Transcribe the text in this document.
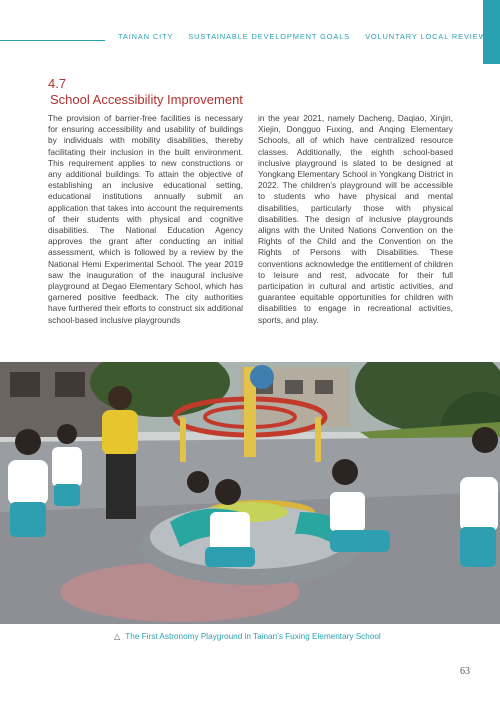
TAINAN CITY SUSTAINABLE DEVELOPMENT GOALS VOLUNTARY LOCAL REVIEW
4.7
School Accessibility Improvement
The provision of barrier-free facilities is necessary for ensuring accessibility and usability of buildings by individuals with mobility disabilities, thereby facilitating their inclusion in the built environment. This requirement applies to new constructions or any additional buildings. To attain the objective of establishing an inclusive educational setting, educational institutions annually submit an application that takes into account the requirements of their students with physical and cognitive disabilities. The National Education Agency approves the grant after conducting an initial assessment, which is followed by a review by the National Hemi Experimental School. The year 2019 saw the inauguration of the inaugural inclusive playground at Degao Elementary School, which has garnered positive feedback. The city authorities have furthered their efforts to construct six additional school-based inclusive playgrounds
in the year 2021, namely Dacheng, Daqiao, Xinjin, Xiejin, Dongguo Fuxing, and Anqing Elementary Schools, all of which have centralized resource classes. Additionally, the eighth school-based inclusive playground is slated to be designed at Yongkang Elementary School in Yongkang District in 2022. The children’s playground will be accessible to students who have physical and mental disabilities, particularly those with physical disabilities. The design of inclusive playgrounds aligns with the United Nations Convention on the Rights of the Child and the Convention on the Rights of Persons with Disabilities. These conventions acknowledge the entitlement of children to leisure and rest, advocate for their full participation in cultural and artistic activities, and guarantee equitable opportunities for children with disabilities to engage in recreational activities, sports, and play.
△ The First Astronomy Playground in Tainan’s Fuxing Elementary School
63
